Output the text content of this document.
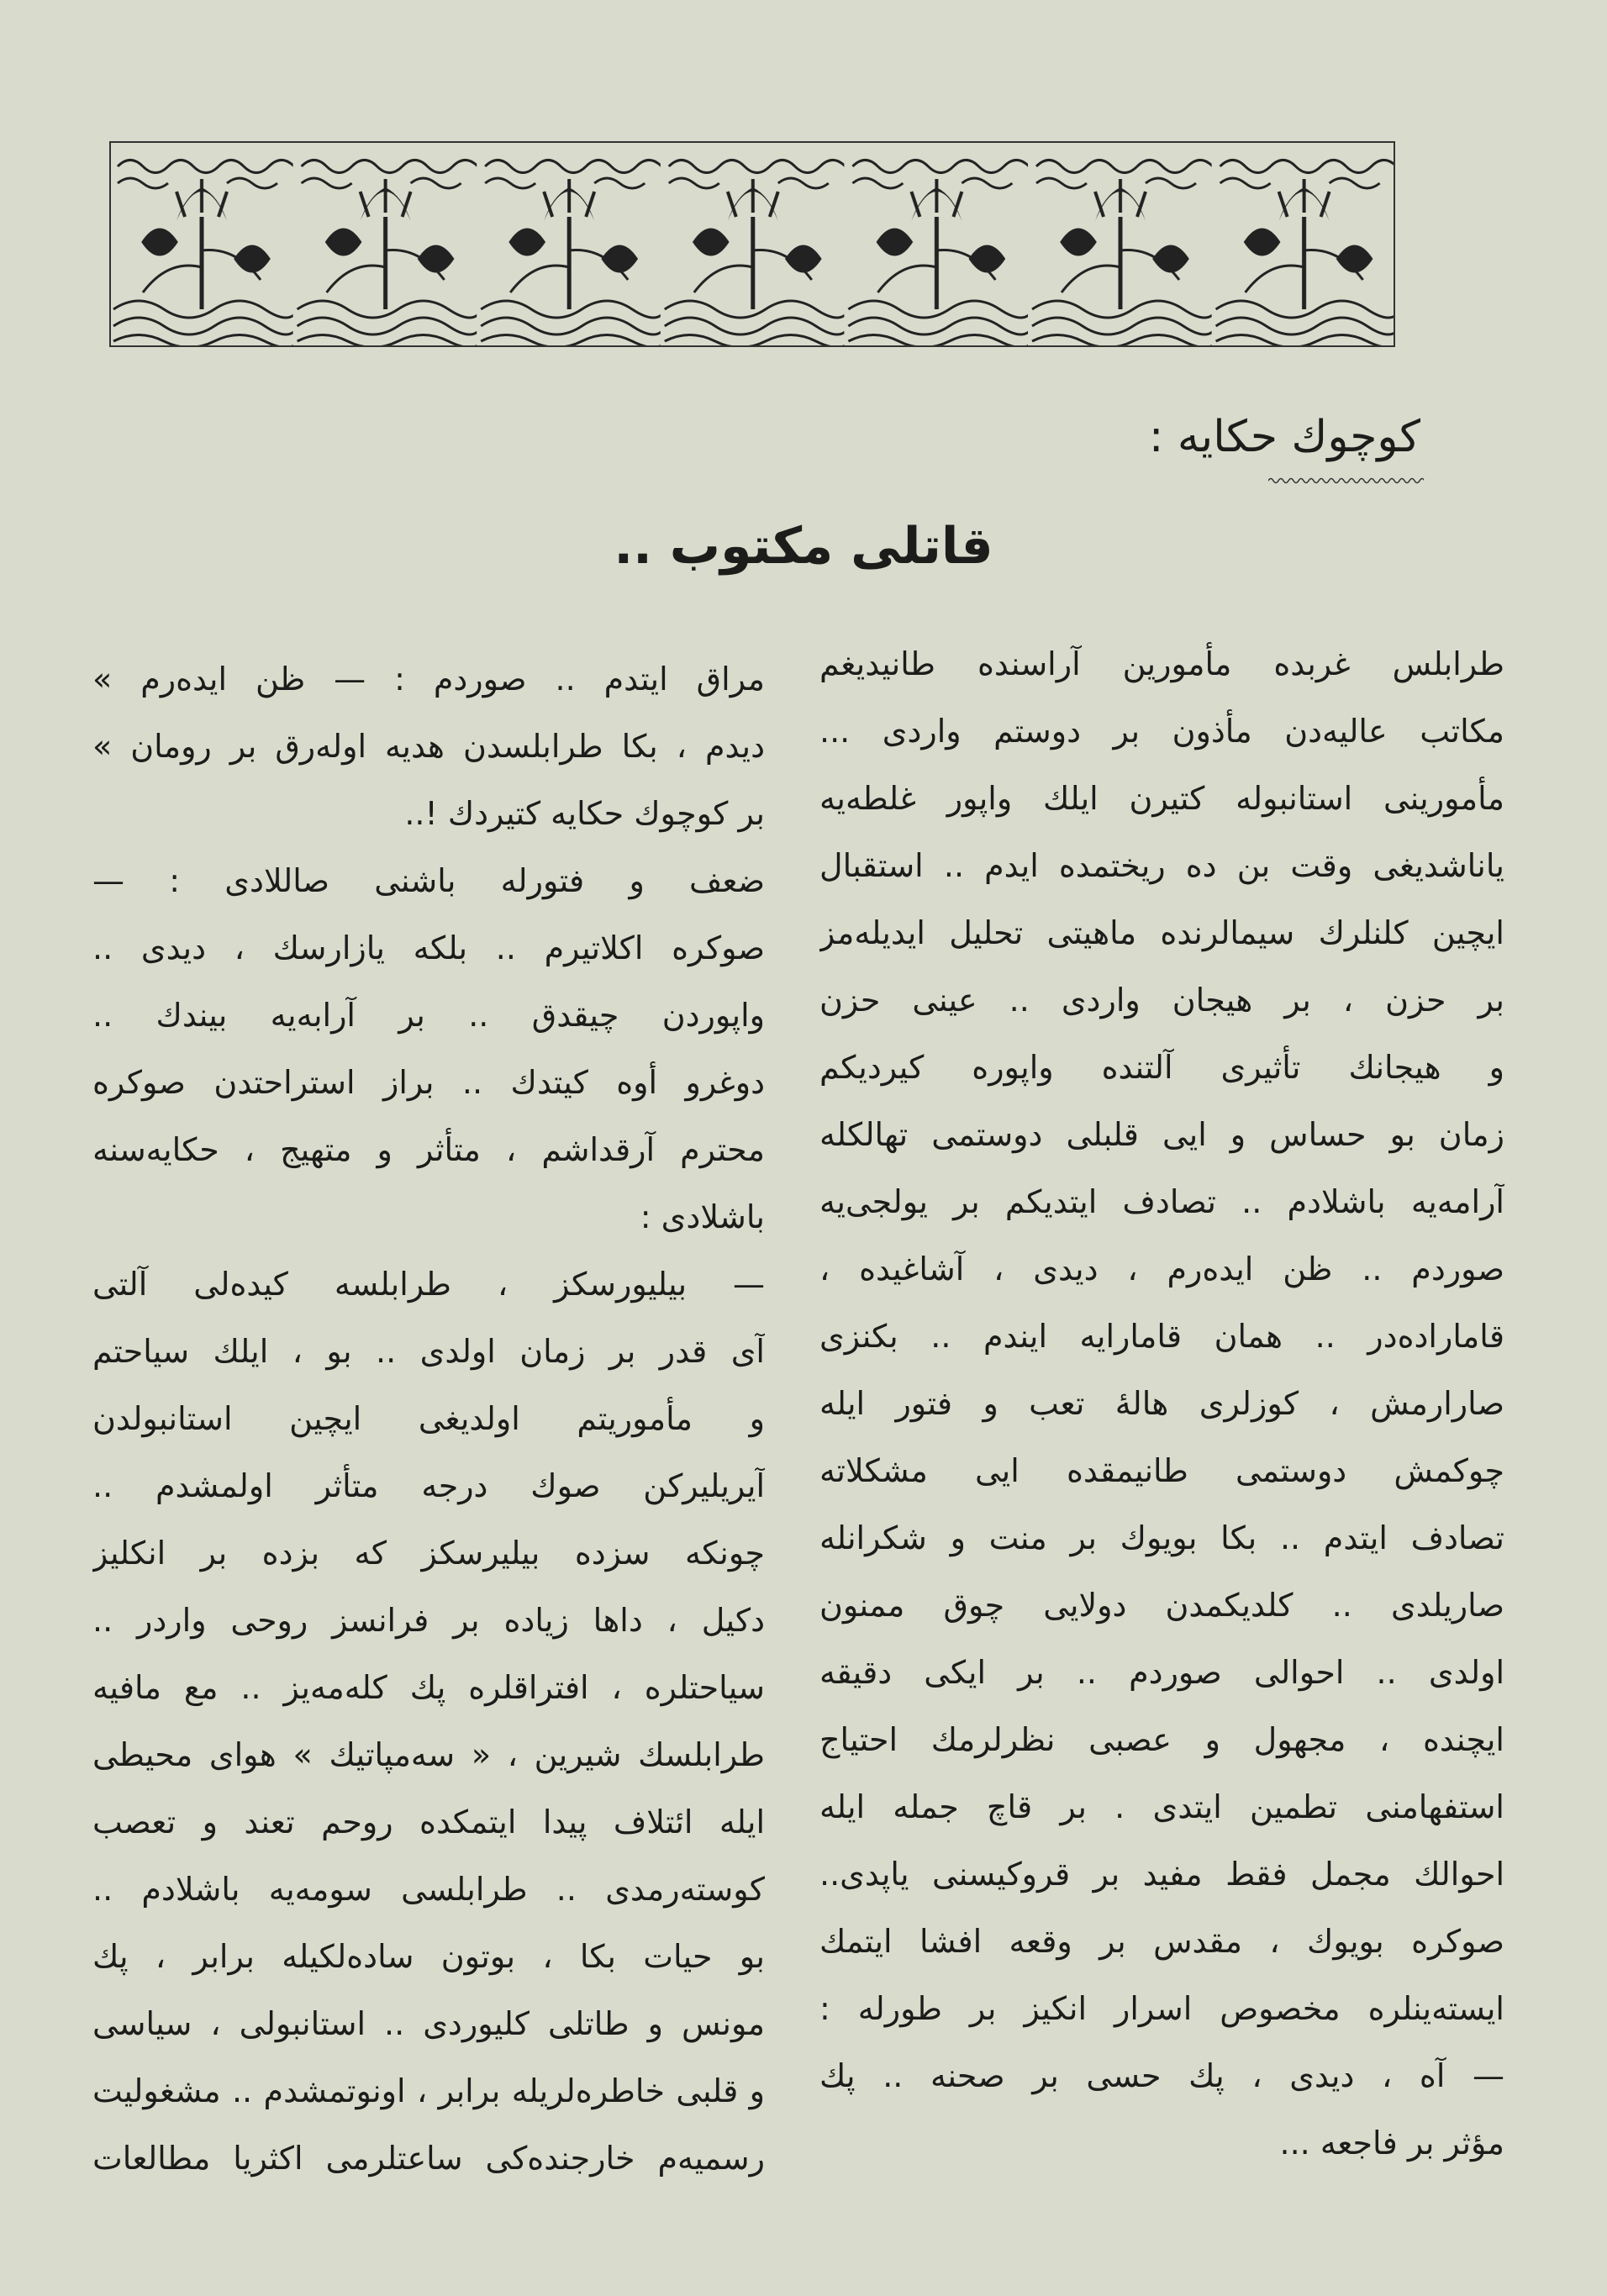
کوچوك حکایه :
قاتلی مکتوب ..
طرابلس غربده مأمورین آراسنده طانیدیغم
مکاتب عالیه‌دن مأذون بر دوستم واردی ...
مأمورینی استانبوله کتیرن ایلك واپور غلطه‌یه
یاناشدیغی وقت بن ده ریختمده ایدم .. استقبال
ایچین کلنلرك سیمالرنده ماهیتی تحلیل ایدیله‌مز
بر حزن ، بر هیجان واردی .. عینی حزن
و هیجانك تأثیری آلتنده واپوره کیردیکم
زمان بو حساس و ایی قلبلی دوستمی تهالکله
آرامه‌یه باشلادم .. تصادف ایتدیکم بر یولجی‌یه
صوردم .. ظن ایده‌رم ، دیدی ، آشاغیده ،
قاماراده‌در .. همان قامارایه ایندم .. بکنزی
صارارمش ، کوزلری هالهٔ تعب و فتور ایله
چوکمش دوستمی طانیمقده ایی مشکلاته
تصادف ایتدم .. بکا بویوك بر منت و شکرانله
صاریلدی .. کلدیکمدن دولایی چوق ممنون
اولدی .. احوالی صوردم .. بر ایکی دقیقه
ایچنده ، مجهول و عصبی نظرلرمك احتیاج
استفهامنی تطمین ایتدی . بر قاچ جمله ایله
احوالك مجمل فقط مفید بر قروکیسنی یاپدی..
صوکره بویوك ، مقدس بر وقعه افشا ایتمك
ایسته‌ینلره مخصوص اسرار انکیز بر طورله :
— آه ، دیدی ، پك حسی بر صحنه .. پك
مؤثر بر فاجعه ...
مراق ایتدم .. صوردم : — ظن ایده‌رم »
دیدم ، بکا طرابلسدن هدیه اوله‌رق بر رومان »
بر کوچوك حکایه کتیردك !..
ضعف و فتورله باشنی صاللادی : —
صوکره اکلاتیرم .. بلکه یازارسك ، دیدی ..
واپوردن چیقدق .. بر آرابه‌یه بیندك ..
دوغرو أوه کیتدك .. براز استراحتدن صوکره
محترم آرقداشم ، متأثر و متهیج ، حکایه‌سنه
باشلادی :
— بیلیورسکز ، طرابلسه کیده‌لی آلتی
آی قدر بر زمان اولدی .. بو ، ایلك سیاحتم
و مأموریتم اولدیغی ایچین استانبولدن
آیریلیرکن صوك درجه متأثر اولمشدم ..
چونکه سزده بیلیرسکز که بزده بر انکلیز
دکیل ، داها زیاده بر فرانسز روحی واردر ..
سیاحتلره ، افتراقلره پك کله‌مه‌یز .. مع مافیه
طرابلسك شیرین ، « سه‌مپاتیك » هوای محیطی
ایله ائتلاف پیدا ایتمکده روحم تعند و تعصب
کوسته‌رمدی .. طرابلسی سومه‌یه باشلادم ..
بو حیات بکا ، بوتون ساده‌لکیله برابر ، پك
مونس و طاتلی کلیوردی .. استانبولی ، سیاسی
و قلبی خاطره‌لریله برابر ، اونوتمشدم .. مشغولیت
رسمیه‌م خارجنده‌کی ساعتلرمی اکثریا مطالعات
